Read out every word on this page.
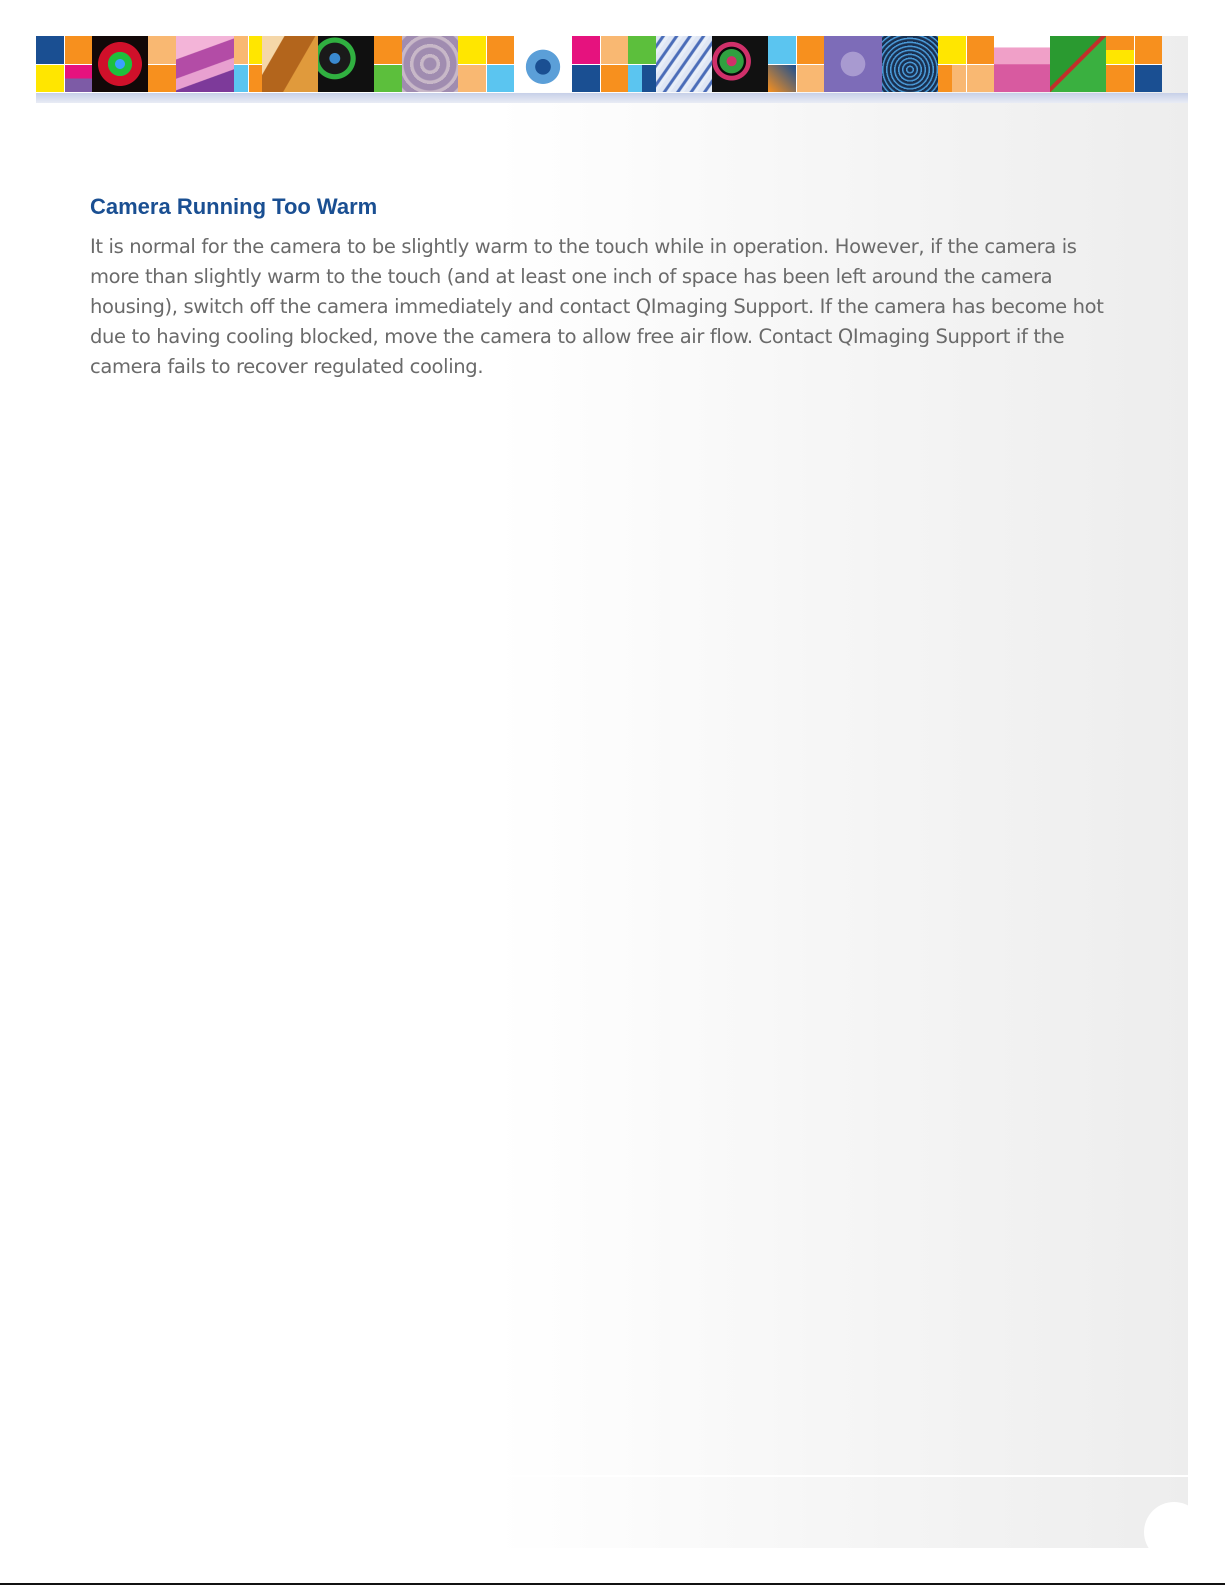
Camera Running Too Warm

It is normal for the camera to be slightly warm to the touch while in operation. However, if the camera is more than slightly warm to the touch (and at least one inch of space has been left around the camera housing), switch off the camera immediately and contact QImaging Support. If the camera has become hot due to having cooling blocked, move the camera to allow free air flow. Contact QImaging Support if the camera fails to recover regulated cooling.
